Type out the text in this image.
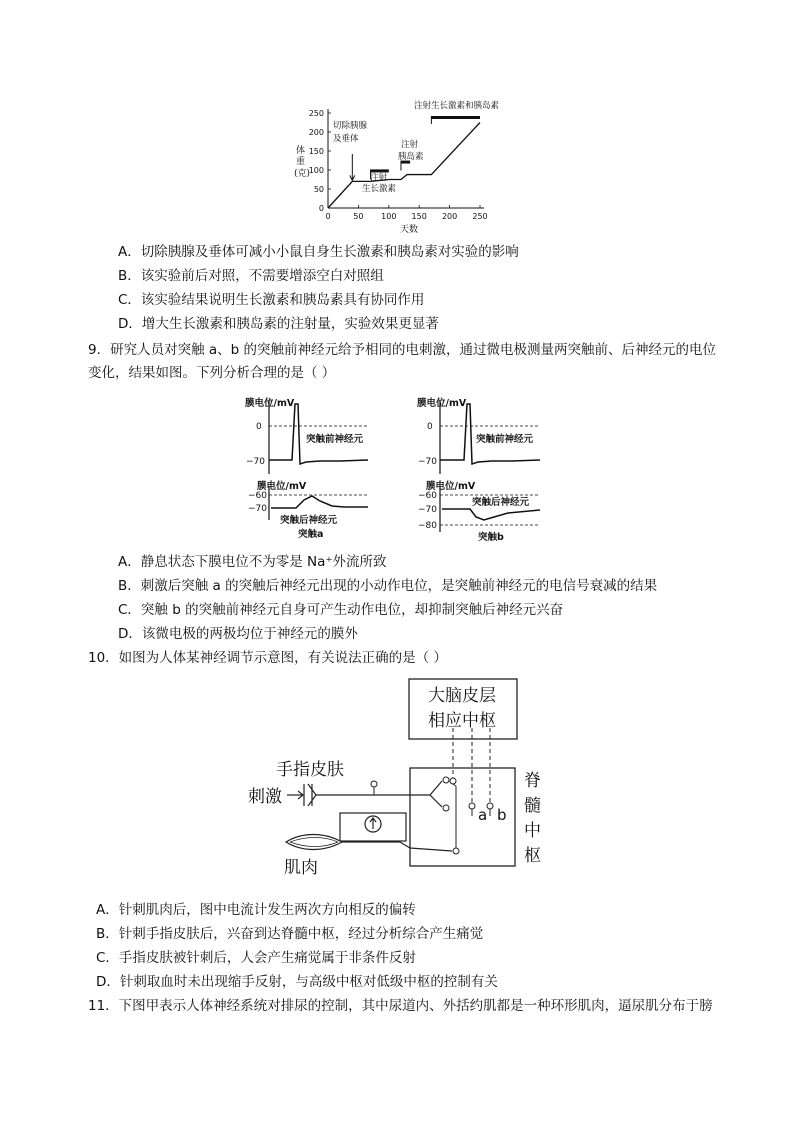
0
50
100
150
200
250
0	50 100 150 200 250
体
重
(克)
天数
切除胰腺
及垂体
注射
生长激素
注射
胰岛素
注射生长激素和胰岛素
A．切除胰腺及垂体可减小小鼠自身生长激素和胰岛素对实验的影响
B．该实验前后对照，不需要增添空白对照组
C．该实验结果说明生长激素和胰岛素具有协同作用
D．增大生长激素和胰岛素的注射量，实验效果更显著
9．研究人员对突触 a、b 的突触前神经元给予相同的电刺激，通过微电极测量两突触前、后神经元的电位
变化，结果如图。下列分析合理的是（ ）
膜电位/mV
0
−70
突触前神经元
膜电位/mV
−60
−70
突触后神经元
突触a
膜电位/mV
0
−70
突触前神经元
膜电位/mV
−60
−70
−80
突触后神经元
突触b
A．静息状态下膜电位不为零是 Na⁺外流所致
B．刺激后突触 a 的突触后神经元出现的小动作电位，是突触前神经元的电信号衰减的结果
C．突触 b 的突触前神经元自身可产生动作电位，却抑制突触后神经元兴奋
D．该微电极的两极均位于神经元的膜外
10．如图为人体某神经调节示意图，有关说法正确的是（ ）
大脑皮层
相应中枢
脊
髓
中
枢
a b
手指皮肤
刺激
肌肉
A．针刺肌肉后，图中电流计发生两次方向相反的偏转
B．针刺手指皮肤后，兴奋到达脊髓中枢，经过分析综合产生痛觉
C．手指皮肤被针刺后，人会产生痛觉属于非条件反射
D．针刺取血时未出现缩手反射，与高级中枢对低级中枢的控制有关
11．下图甲表示人体神经系统对排尿的控制，其中尿道内、外括约肌都是一种环形肌肉，逼尿肌分布于膀
